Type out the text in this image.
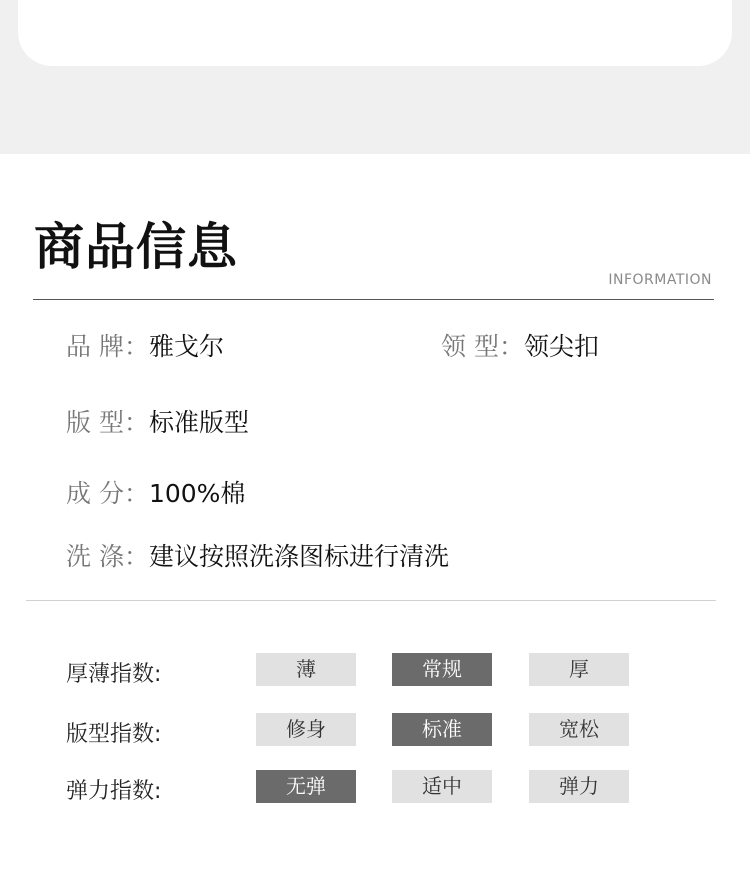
商品信息
INFORMATION
品 牌：雅戈尔	领 型：领尖扣
版 型：标准版型
成 分：100%棉
洗 涤：建议按照洗涤图标进行清洗
厚薄指数:	薄	常规	厚
版型指数:	修身	标准	宽松
弹力指数:	无弹	适中	弹力
